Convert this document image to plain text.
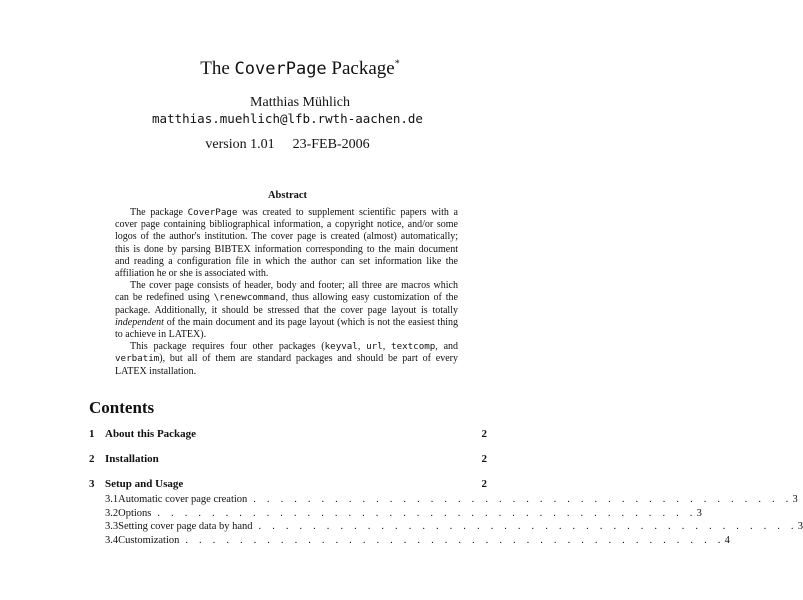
The CoverPage Package*
Matthias Mühlich
matthias.muehlich@lfb.rwth-aachen.de
version 1.01 23-FEB-2006
Abstract

The package CoverPage was created to supplement scientific papers with a cover page containing bibliographical information, a copyright notice, and/or some logos of the author's institution. The cover page is created (almost) automatically; this is done by parsing BIBTEX information corresponding to the main document and reading a configuration file in which the author can set information like the affiliation he or she is associated with.

The cover page consists of header, body and footer; all three are macros which can be redefined using \renewcommand, thus allowing easy customization of the package. Additionally, it should be stressed that the cover page layout is totally independent of the main document and its page layout (which is not the easiest thing to achieve in LATEX).

This package requires four other packages (keyval, url, textcomp, and verbatim), but all of them are standard packages and should be part of every LATEX installation.

Contents
1 About this Package	2
2 Installation	2
3 Setup and Usage	2
3.1 Automatic cover page creation . . . . . . . . . . . . . . . . . . . . . . . . . . . . . . . . . . . . . . . . 3
3.2 Options . . . . . . . . . . . . . . . . . . . . . . . . . . . . . . . . . . . . . . . . 3
3.3 Setting cover page data by hand . . . . . . . . . . . . . . . . . . . . . . . . . . . . . . . . . . . . . . . . 3
3.4 Customization . . . . . . . . . . . . . . . . . . . . . . . . . . . . . . . . . . . . . . . . 4
